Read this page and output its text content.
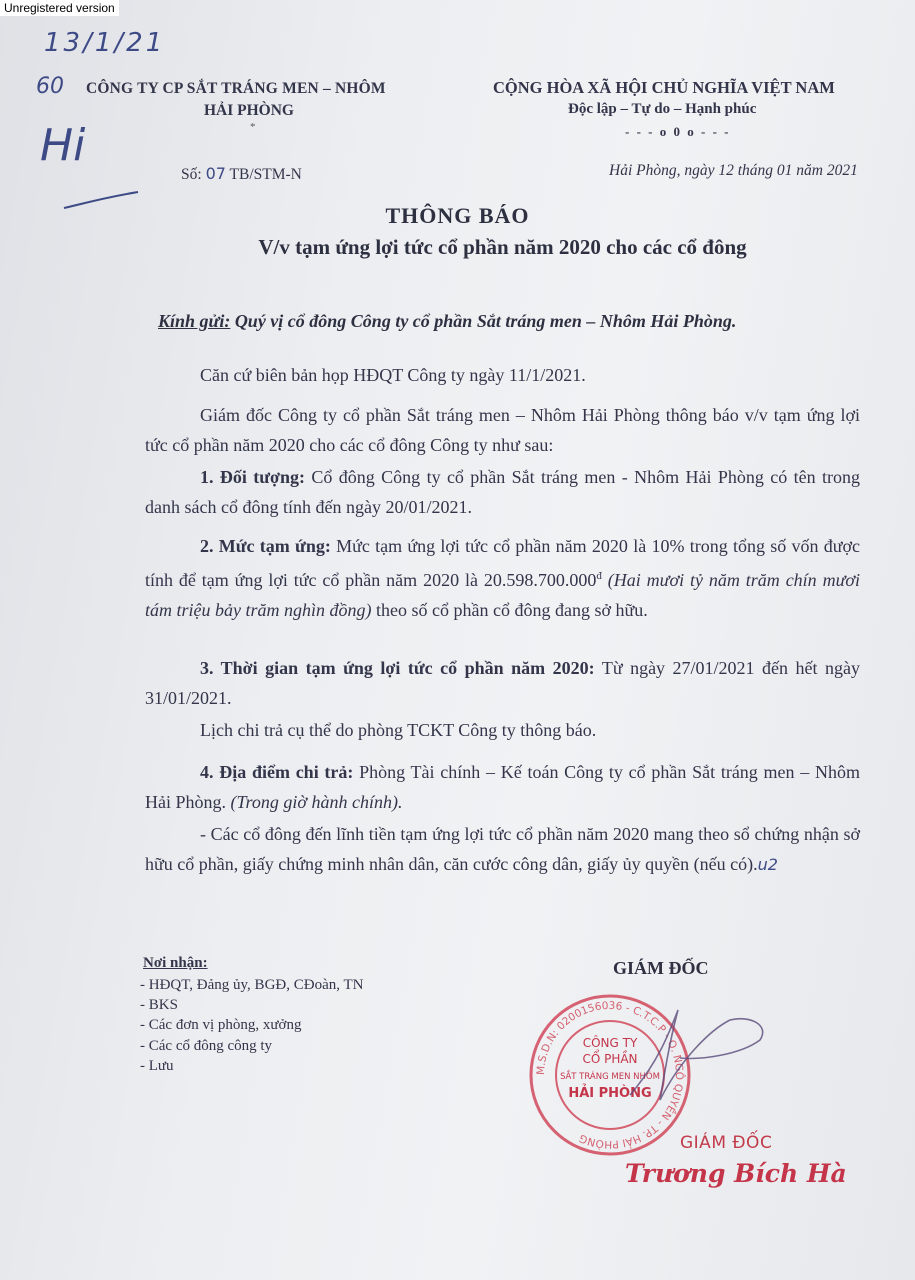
Unregistered version
13/1/21
60
Hi
CÔNG TY CP SẮT TRÁNG MEN – NHÔM
HẢI PHÒNG
*
CỘNG HÒA XÃ HỘI CHỦ NGHĨA VIỆT NAM
Độc lập – Tự do – Hạnh phúc
- - - o 0 o - - -
Số: 07 TB/STM-N	Hải Phòng, ngày 12 tháng 01 năm 2021
THÔNG BÁO
V/v tạm ứng lợi tức cổ phần năm 2020 cho các cổ đông
Kính gửi: Quý vị cổ đông Công ty cổ phần Sắt tráng men – Nhôm Hải Phòng.
Căn cứ biên bản họp HĐQT Công ty ngày 11/1/2021.
Giám đốc Công ty cổ phần Sắt tráng men – Nhôm Hải Phòng thông báo v/v tạm ứng lợi tức cổ phần năm 2020 cho các cổ đông Công ty như sau:
1. Đối tượng: Cổ đông Công ty cổ phần Sắt tráng men - Nhôm Hải Phòng có tên trong danh sách cổ đông tính đến ngày 20/01/2021.
2. Mức tạm ứng: Mức tạm ứng lợi tức cổ phần năm 2020 là 10% trong tổng số vốn được tính để tạm ứng lợi tức cổ phần năm 2020 là $20.598.700.000^đ$ (Hai mươi tỷ năm trăm chín mươi tám triệu bảy trăm nghìn đồng) theo số cổ phần cổ đông đang sở hữu.
3. Thời gian tạm ứng lợi tức cổ phần năm 2020: Từ ngày 27/01/2021 đến hết ngày 31/01/2021.
Lịch chi trả cụ thể do phòng TCKT Công ty thông báo.
4. Địa điểm chi trả: Phòng Tài chính – Kế toán Công ty cổ phần Sắt tráng men – Nhôm Hải Phòng. (Trong giờ hành chính).
- Các cổ đông đến lĩnh tiền tạm ứng lợi tức cổ phần năm 2020 mang theo sổ chứng nhận sở hữu cổ phần, giấy chứng minh nhân dân, căn cước công dân, giấy ủy quyền (nếu có).u2
Nơi nhận:
- HĐQT, Đảng ủy, BGĐ, CĐoàn, TN
- BKS
- Các đơn vị phòng, xưởng
- Các cổ đông công ty
- Lưu
GIÁM ĐỐC
M.S.D.N: 0200156036 - C.T.C.P - Q. NGÔ QUYỀN - TP. HẢI PHÒNG
CÔNG TY
CỔ PHẦN
SẮT TRÁNG MEN NHÔM
HẢI PHÒNG
GIÁM ĐỐC
Trương Bích Hà
